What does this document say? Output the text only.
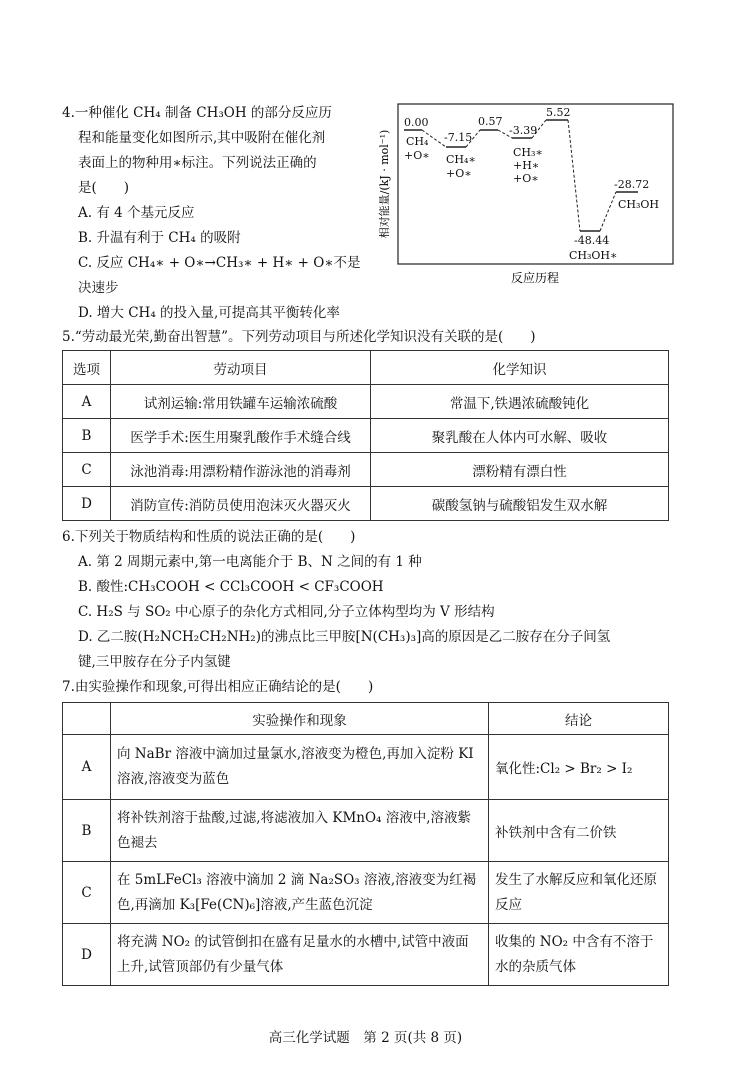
4.一种催化 CH₄ 制备 CH₃OH 的部分反应历
程和能量变化如图所示,其中吸附在催化剂
表面上的物种用∗标注。下列说法正确的
是(　　)
A. 有 4 个基元反应
B. 升温有利于 CH₄ 的吸附
C. 反应 CH₄∗ + O∗→CH₃∗ + H∗ + O∗不是
决速步
D. 增大 CH₄ 的投入量,可提高其平衡转化率
0.00
-7.15
0.57
-3.39
5.52
-48.44
-28.72
CH₄
+O∗ CH₄∗
+O∗
CH₃∗
+H∗
+O∗
CH₃OH∗
CH₃OH
相对能量/(kJ · mol⁻¹)
反应历程
5.“劳动最光荣,勤奋出智慧”。下列劳动项目与所述化学知识没有关联的是(　　)
选项	劳动项目	化学知识
A	试剂运输:常用铁罐车运输浓硫酸	常温下,铁遇浓硫酸钝化
B	医学手术:医生用聚乳酸作手术缝合线	聚乳酸在人体内可水解、吸收
C	泳池消毒:用漂粉精作游泳池的消毒剂	漂粉精有漂白性
D	消防宣传:消防员使用泡沫灭火器灭火	碳酸氢钠与硫酸铝发生双水解
6.下列关于物质结构和性质的说法正确的是(　　)
A. 第 2 周期元素中,第一电离能介于 B、N 之间的有 1 种
B. 酸性:CH₃COOH < CCl₃COOH < CF₃COOH
C. H₂S 与 SO₂ 中心原子的杂化方式相同,分子立体构型均为 V 形结构
D. 乙二胺(H₂NCH₂CH₂NH₂)的沸点比三甲胺[N(CH₃)₃]高的原因是乙二胺存在分子间氢
键,三甲胺存在分子内氢键
7.由实验操作和现象,可得出相应正确结论的是(　　)
	实验操作和现象	结论
A	向 NaBr 溶液中滴加过量氯水,溶液变为橙色,再加入淀粉 KI 溶液,溶液变为蓝色	氧化性:Cl₂ > Br₂ > I₂
B	将补铁剂溶于盐酸,过滤,将滤液加入 KMnO₄ 溶液中,溶液紫色褪去	补铁剂中含有二价铁
C	在 5mLFeCl₃ 溶液中滴加 2 滴 Na₂SO₃ 溶液,溶液变为红褐色,再滴加 K₃[Fe(CN)₆]溶液,产生蓝色沉淀	发生了水解反应和氧化还原反应
D	将充满 NO₂ 的试管倒扣在盛有足量水的水槽中,试管中液面上升,试管顶部仍有少量气体	收集的 NO₂ 中含有不溶于水的杂质气体
高三化学试题　第 2 页(共 8 页)
